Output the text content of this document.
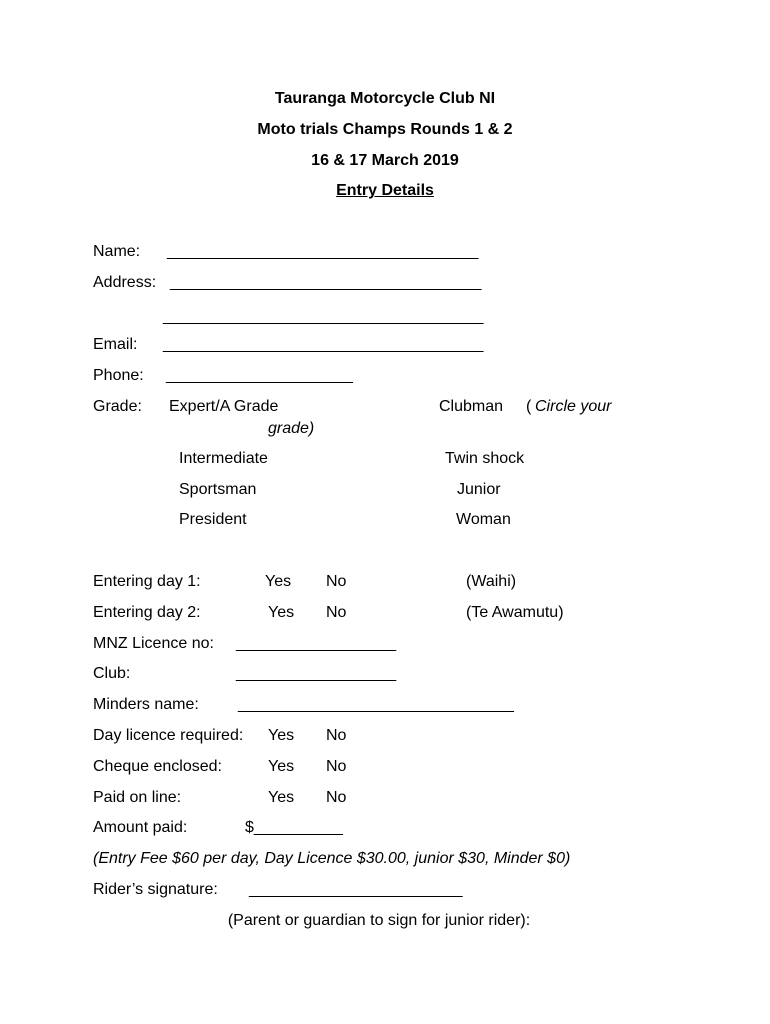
Tauranga Motorcycle Club NI
Moto trials Champs Rounds 1 & 2
16 & 17 March 2019
Entry Details
Name: ___________________________________
Address: ___________________________________
____________________________________
Email: ____________________________________
Phone: _____________________
Grade: Expert/A Grade	Clubman ( Circle your
grade)
Intermediate	Twin shock
Sportsman	Junior
President	Woman
Entering day 1:	Yes No	(Waihi)
Entering day 2:	Yes No	(Te Awamutu)
MNZ Licence no: __________________
Club:	__________________
Minders name: _______________________________
Day licence required: Yes No
Cheque enclosed:	Yes No
Paid on line:	Yes No
Amount paid:	$__________
(Entry Fee $60 per day, Day Licence $30.00, junior $30, Minder $0)
Rider’s signature: ________________________
(Parent or guardian to sign for junior rider):
